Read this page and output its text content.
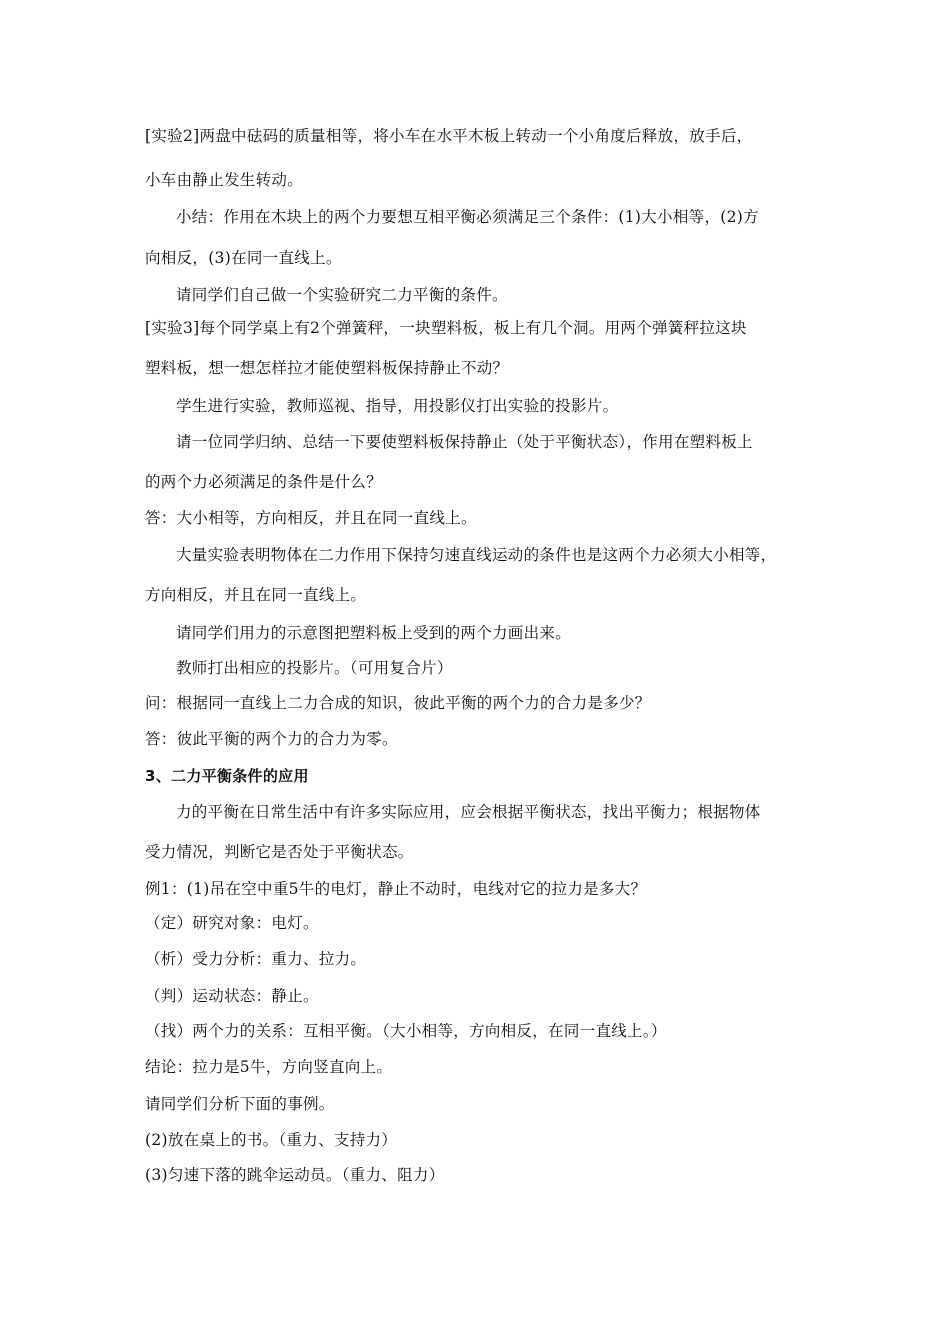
[实验2]两盘中砝码的质量相等，将小车在水平木板上转动一个小角度后释放，放手后，
小车由静止发生转动。
小结：作用在木块上的两个力要想互相平衡必须满足三个条件：(1)大小相等，(2)方
向相反，(3)在同一直线上。
请同学们自己做一个实验研究二力平衡的条件。
[实验3]每个同学桌上有2个弹簧秤，一块塑料板，板上有几个洞。用两个弹簧秤拉这块
塑料板，想一想怎样拉才能使塑料板保持静止不动？
学生进行实验，教师巡视、指导，用投影仪打出实验的投影片。
请一位同学归纳、总结一下要使塑料板保持静止（处于平衡状态），作用在塑料板上
的两个力必须满足的条件是什么？
答：大小相等，方向相反，并且在同一直线上。
大量实验表明物体在二力作用下保持匀速直线运动的条件也是这两个力必须大小相等，
方向相反，并且在同一直线上。
请同学们用力的示意图把塑料板上受到的两个力画出来。
教师打出相应的投影片。（可用复合片）
问：根据同一直线上二力合成的知识，彼此平衡的两个力的合力是多少？
答：彼此平衡的两个力的合力为零。
3、二力平衡条件的应用
力的平衡在日常生活中有许多实际应用，应会根据平衡状态，找出平衡力；根据物体
受力情况，判断它是否处于平衡状态。
例1：(1)吊在空中重5牛的电灯，静止不动时，电线对它的拉力是多大？
（定）研究对象：电灯。
（析）受力分析：重力、拉力。
（判）运动状态：静止。
（找）两个力的关系：互相平衡。（大小相等，方向相反，在同一直线上。）
结论：拉力是5牛，方向竖直向上。
请同学们分析下面的事例。
(2)放在桌上的书。（重力、支持力）
(3)匀速下落的跳伞运动员。（重力、阻力）
